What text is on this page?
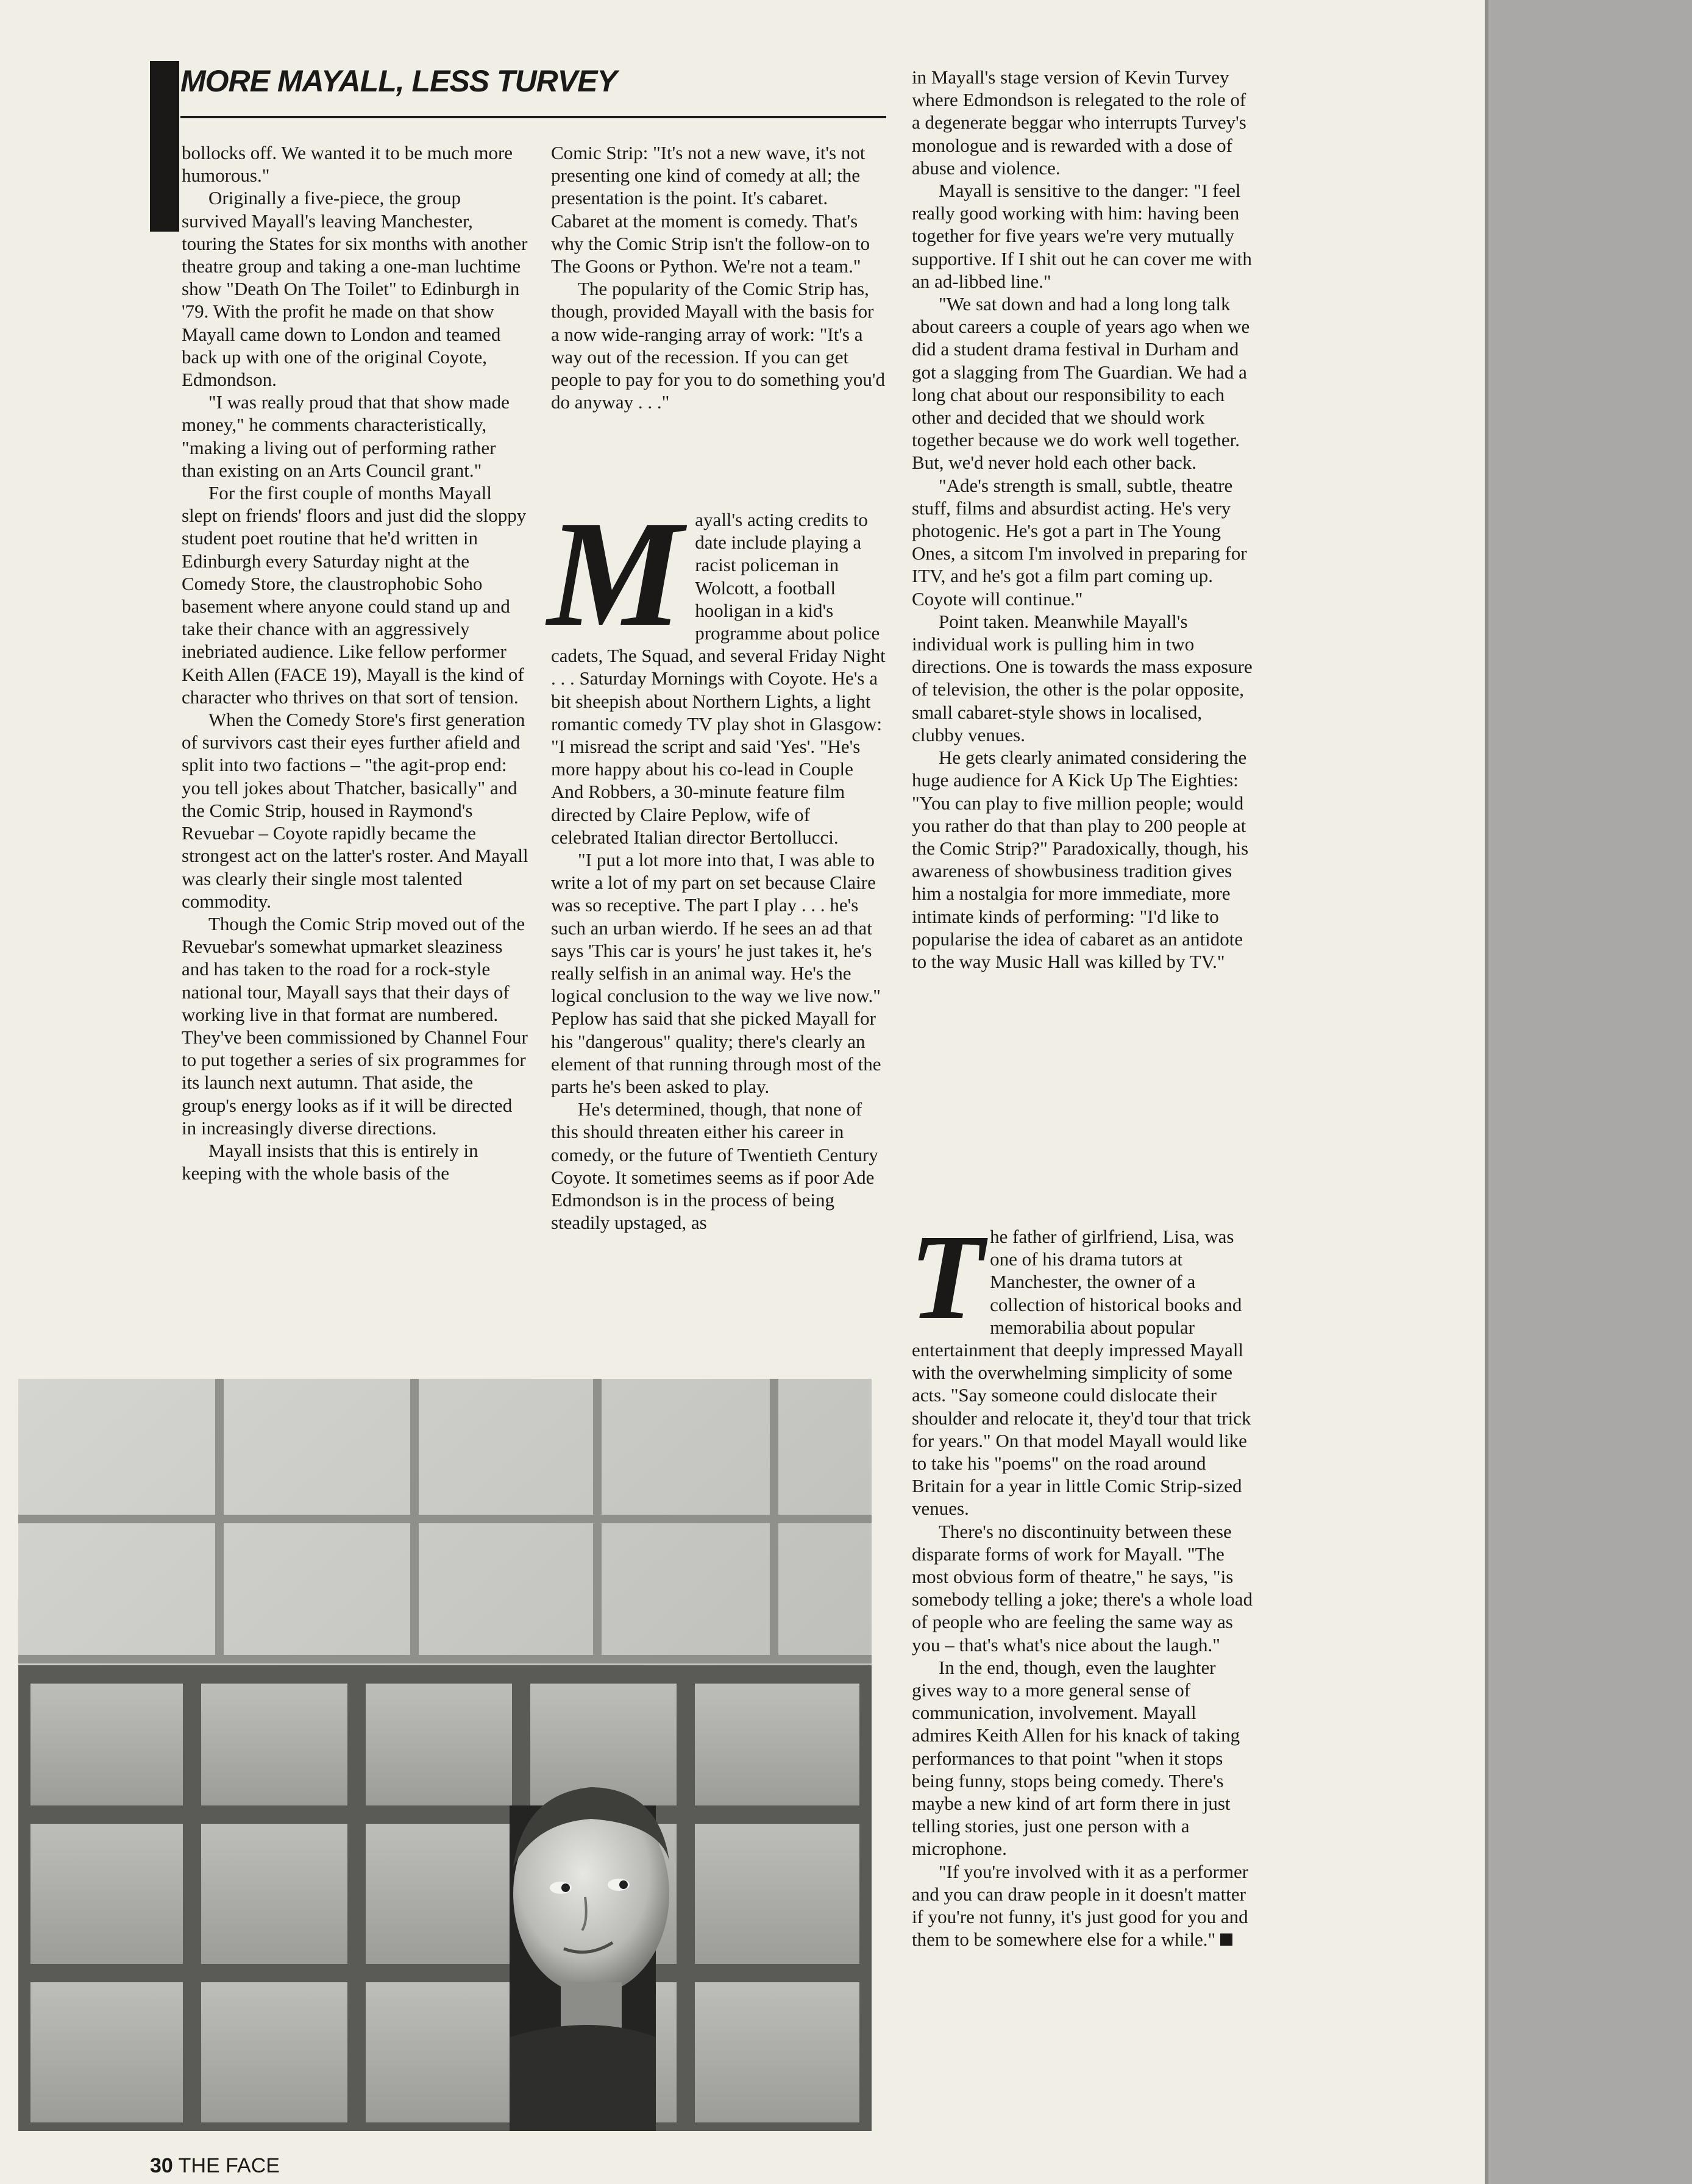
MORE MAYALL, LESS TURVEY

bollocks off. We wanted it to be much more humorous."

Originally a five-piece, the group survived Mayall's leaving Manchester, touring the States for six months with another theatre group and taking a one-man luchtime show "Death On The Toilet" to Edinburgh in '79. With the profit he made on that show Mayall came down to London and teamed back up with one of the original Coyote, Edmondson.

"I was really proud that that show made money," he comments characteristically, "making a living out of performing rather than existing on an Arts Council grant."

For the first couple of months Mayall slept on friends' floors and just did the sloppy student poet routine that he'd written in Edinburgh every Saturday night at the Comedy Store, the claustrophobic Soho basement where anyone could stand up and take their chance with an aggressively inebriated audience. Like fellow performer Keith Allen (FACE 19), Mayall is the kind of character who thrives on that sort of tension.

When the Comedy Store's first generation of survivors cast their eyes further afield and split into two factions – "the agit-prop end: you tell jokes about Thatcher, basically" and the Comic Strip, housed in Raymond's Revuebar – Coyote rapidly became the strongest act on the latter's roster. And Mayall was clearly their single most talented commodity.

Though the Comic Strip moved out of the Revuebar's somewhat upmarket sleaziness and has taken to the road for a rock-style national tour, Mayall says that their days of working live in that format are numbered. They've been commissioned by Channel Four to put together a series of six programmes for its launch next autumn. That aside, the group's energy looks as if it will be directed in increasingly diverse directions.

Mayall insists that this is entirely in keeping with the whole basis of the

Comic Strip: "It's not a new wave, it's not presenting one kind of comedy at all; the presentation is the point. It's cabaret. Cabaret at the moment is comedy. That's why the Comic Strip isn't the follow-on to The Goons or Python. We're not a team."

The popularity of the Comic Strip has, though, provided Mayall with the basis for a now wide-ranging array of work: "It's a way out of the recession. If you can get people to pay for you to do something you'd do anyway . . ."

M ayall's acting credits to date include playing a racist policeman in Wolcott, a football hooligan in a kid's programme about police cadets, The Squad, and several Friday Night . . . Saturday Mornings with Coyote. He's a bit sheepish about Northern Lights, a light romantic comedy TV play shot in Glasgow: "I misread the script and said 'Yes'. "He's more happy about his co-lead in Couple And Robbers, a 30-minute feature film directed by Claire Peplow, wife of celebrated Italian director Bertollucci.

"I put a lot more into that, I was able to write a lot of my part on set because Claire was so receptive. The part I play . . . he's such an urban wierdo. If he sees an ad that says 'This car is yours' he just takes it, he's really selfish in an animal way. He's the logical conclusion to the way we live now." Peplow has said that she picked Mayall for his "dangerous" quality; there's clearly an element of that running through most of the parts he's been asked to play.

He's determined, though, that none of this should threaten either his career in comedy, or the future of Twentieth Century Coyote. It sometimes seems as if poor Ade Edmondson is in the process of being steadily upstaged, as

in Mayall's stage version of Kevin Turvey where Edmondson is relegated to the role of a degenerate beggar who interrupts Turvey's monologue and is rewarded with a dose of abuse and violence.

Mayall is sensitive to the danger: "I feel really good working with him: having been together for five years we're very mutually supportive. If I shit out he can cover me with an ad-libbed line."

"We sat down and had a long long talk about careers a couple of years ago when we did a student drama festival in Durham and got a slagging from The Guardian. We had a long chat about our responsibility to each other and decided that we should work together because we do work well together. But, we'd never hold each other back.

"Ade's strength is small, subtle, theatre stuff, films and absurdist acting. He's very photogenic. He's got a part in The Young Ones, a sitcom I'm involved in preparing for ITV, and he's got a film part coming up. Coyote will continue."

Point taken. Meanwhile Mayall's individual work is pulling him in two directions. One is towards the mass exposure of television, the other is the polar opposite, small cabaret-style shows in localised, clubby venues.

He gets clearly animated considering the huge audience for A Kick Up The Eighties: "You can play to five million people; would you rather do that than play to 200 people at the Comic Strip?" Paradoxically, though, his awareness of showbusiness tradition gives him a nostalgia for more immediate, more intimate kinds of performing: "I'd like to popularise the idea of cabaret as an antidote to the way Music Hall was killed by TV."

T he father of girlfriend, Lisa, was one of his drama tutors at Manchester, the owner of a collection of historical books and memorabilia about popular entertainment that deeply impressed Mayall with the overwhelming simplicity of some acts. "Say someone could dislocate their shoulder and relocate it, they'd tour that trick for years." On that model Mayall would like to take his "poems" on the road around Britain for a year in little Comic Strip-sized venues.

There's no discontinuity between these disparate forms of work for Mayall. "The most obvious form of theatre," he says, "is somebody telling a joke; there's a whole load of people who are feeling the same way as you – that's what's nice about the laugh."

In the end, though, even the laughter gives way to a more general sense of communication, involvement. Mayall admires Keith Allen for his knack of taking performances to that point "when it stops being funny, stops being comedy. There's maybe a new kind of art form there in just telling stories, just one person with a microphone.

"If you're involved with it as a performer and you can draw people in it doesn't matter if you're not funny, it's just good for you and them to be somewhere else for a while."

30 THE FACE
